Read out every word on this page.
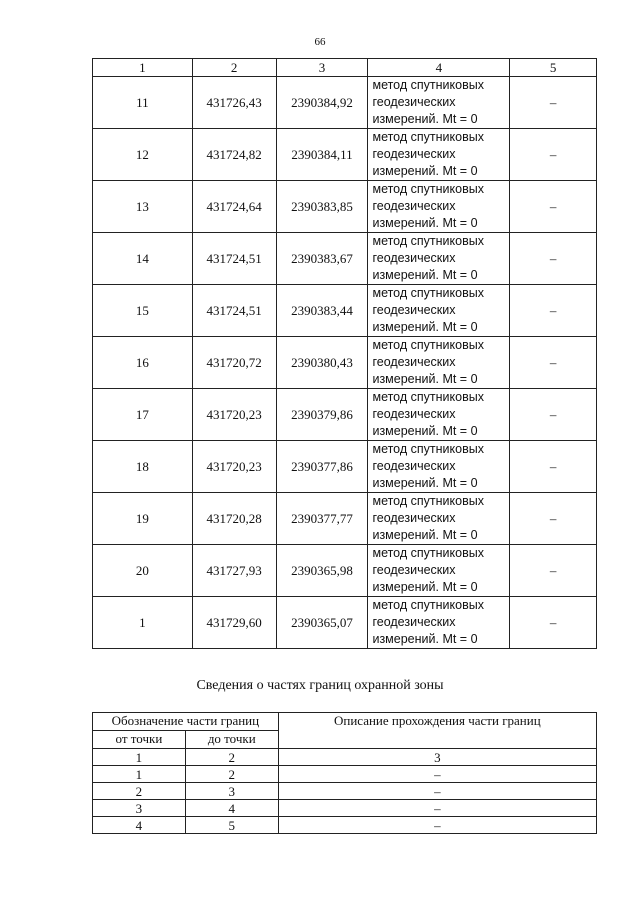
66
1	2	3	4	5
11	431726,43	2390384,92	метод спутниковых
геодезических
измерений. Mt = 0	–
12	431724,82	2390384,11	метод спутниковых
геодезических
измерений. Mt = 0	–
13	431724,64	2390383,85	метод спутниковых
геодезических
измерений. Mt = 0	–
14	431724,51	2390383,67	метод спутниковых
геодезических
измерений. Mt = 0	–
15	431724,51	2390383,44	метод спутниковых
геодезических
измерений. Mt = 0	–
16	431720,72	2390380,43	метод спутниковых
геодезических
измерений. Mt = 0	–
17	431720,23	2390379,86	метод спутниковых
геодезических
измерений. Mt = 0	–
18	431720,23	2390377,86	метод спутниковых
геодезических
измерений. Mt = 0	–
19	431720,28	2390377,77	метод спутниковых
геодезических
измерений. Mt = 0	–
20	431727,93	2390365,98	метод спутниковых
геодезических
измерений. Mt = 0	–
1	431729,60	2390365,07	метод спутниковых
геодезических
измерений. Mt = 0	–
Сведения о частях границ охранной зоны
Обозначение части границ		Описание прохождения части границ
от точки	до точки	
1	2	3
1	2	–
2	3	–
3	4	–
4	5	–
